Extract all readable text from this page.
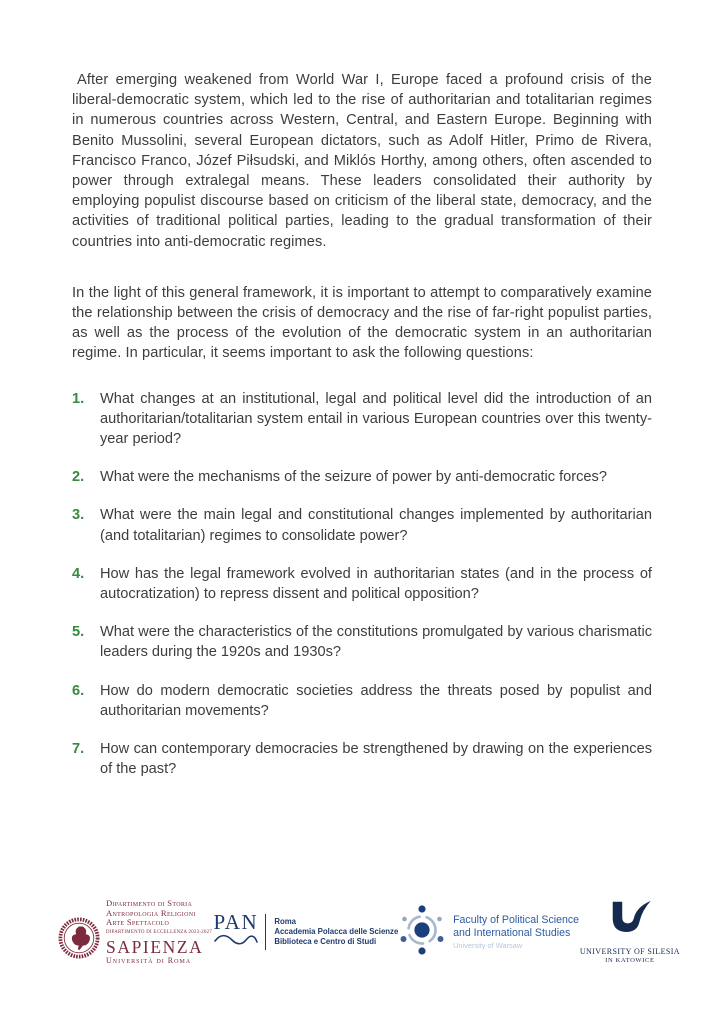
After emerging weakened from World War I, Europe faced a profound crisis of the liberal-democratic system, which led to the rise of authoritarian and totalitarian regimes in numerous countries across Western, Central, and Eastern Europe. Beginning with Benito Mussolini, several European dictators, such as Adolf Hitler, Primo de Rivera, Francisco Franco, Józef Piłsudski, and Miklós Horthy, among others, often ascended to power through extralegal means. These leaders consolidated their authority by employing populist discourse based on criticism of the liberal state, democracy, and the activities of traditional political parties, leading to the gradual transformation of their countries into anti-democratic regimes.

In the light of this general framework, it is important to attempt to comparatively examine the relationship between the crisis of democracy and the rise of far-right populist parties, as well as the process of the evolution of the democratic system in an authoritarian regime. In particular, it seems important to ask the following questions:

1.	What changes at an institutional, legal and political level did the introduction of an authoritarian/totalitarian system entail in various European countries over this twenty-year period?
2.	What were the mechanisms of the seizure of power by anti-democratic forces?
3.	What were the main legal and constitutional changes implemented by authoritarian (and totalitarian) regimes to consolidate power?
4.	How has the legal framework evolved in authoritarian states (and in the process of autocratization) to repress dissent and political opposition?
5.	What were the characteristics of the constitutions promulgated by various charismatic leaders during the 1920s and 1930s?
6.	How do modern democratic societies address the threats posed by populist and authoritarian movements?
7.	How can contemporary democracies be strengthened by drawing on the experiences of the past?
Dipartimento di Storia
Antropologia Religioni
Arte Spettacolo
DIPARTIMENTO DI ECCELLENZA 2023-2027
SAPIENZA
Università di Roma
PAN Roma
Accademia Polacca delle Scienze
Biblioteca e Centro di Studi
Faculty of Political Science
and International Studies
University of Warsaw
UNIVERSITY OF SILESIA
IN KATOWICE
